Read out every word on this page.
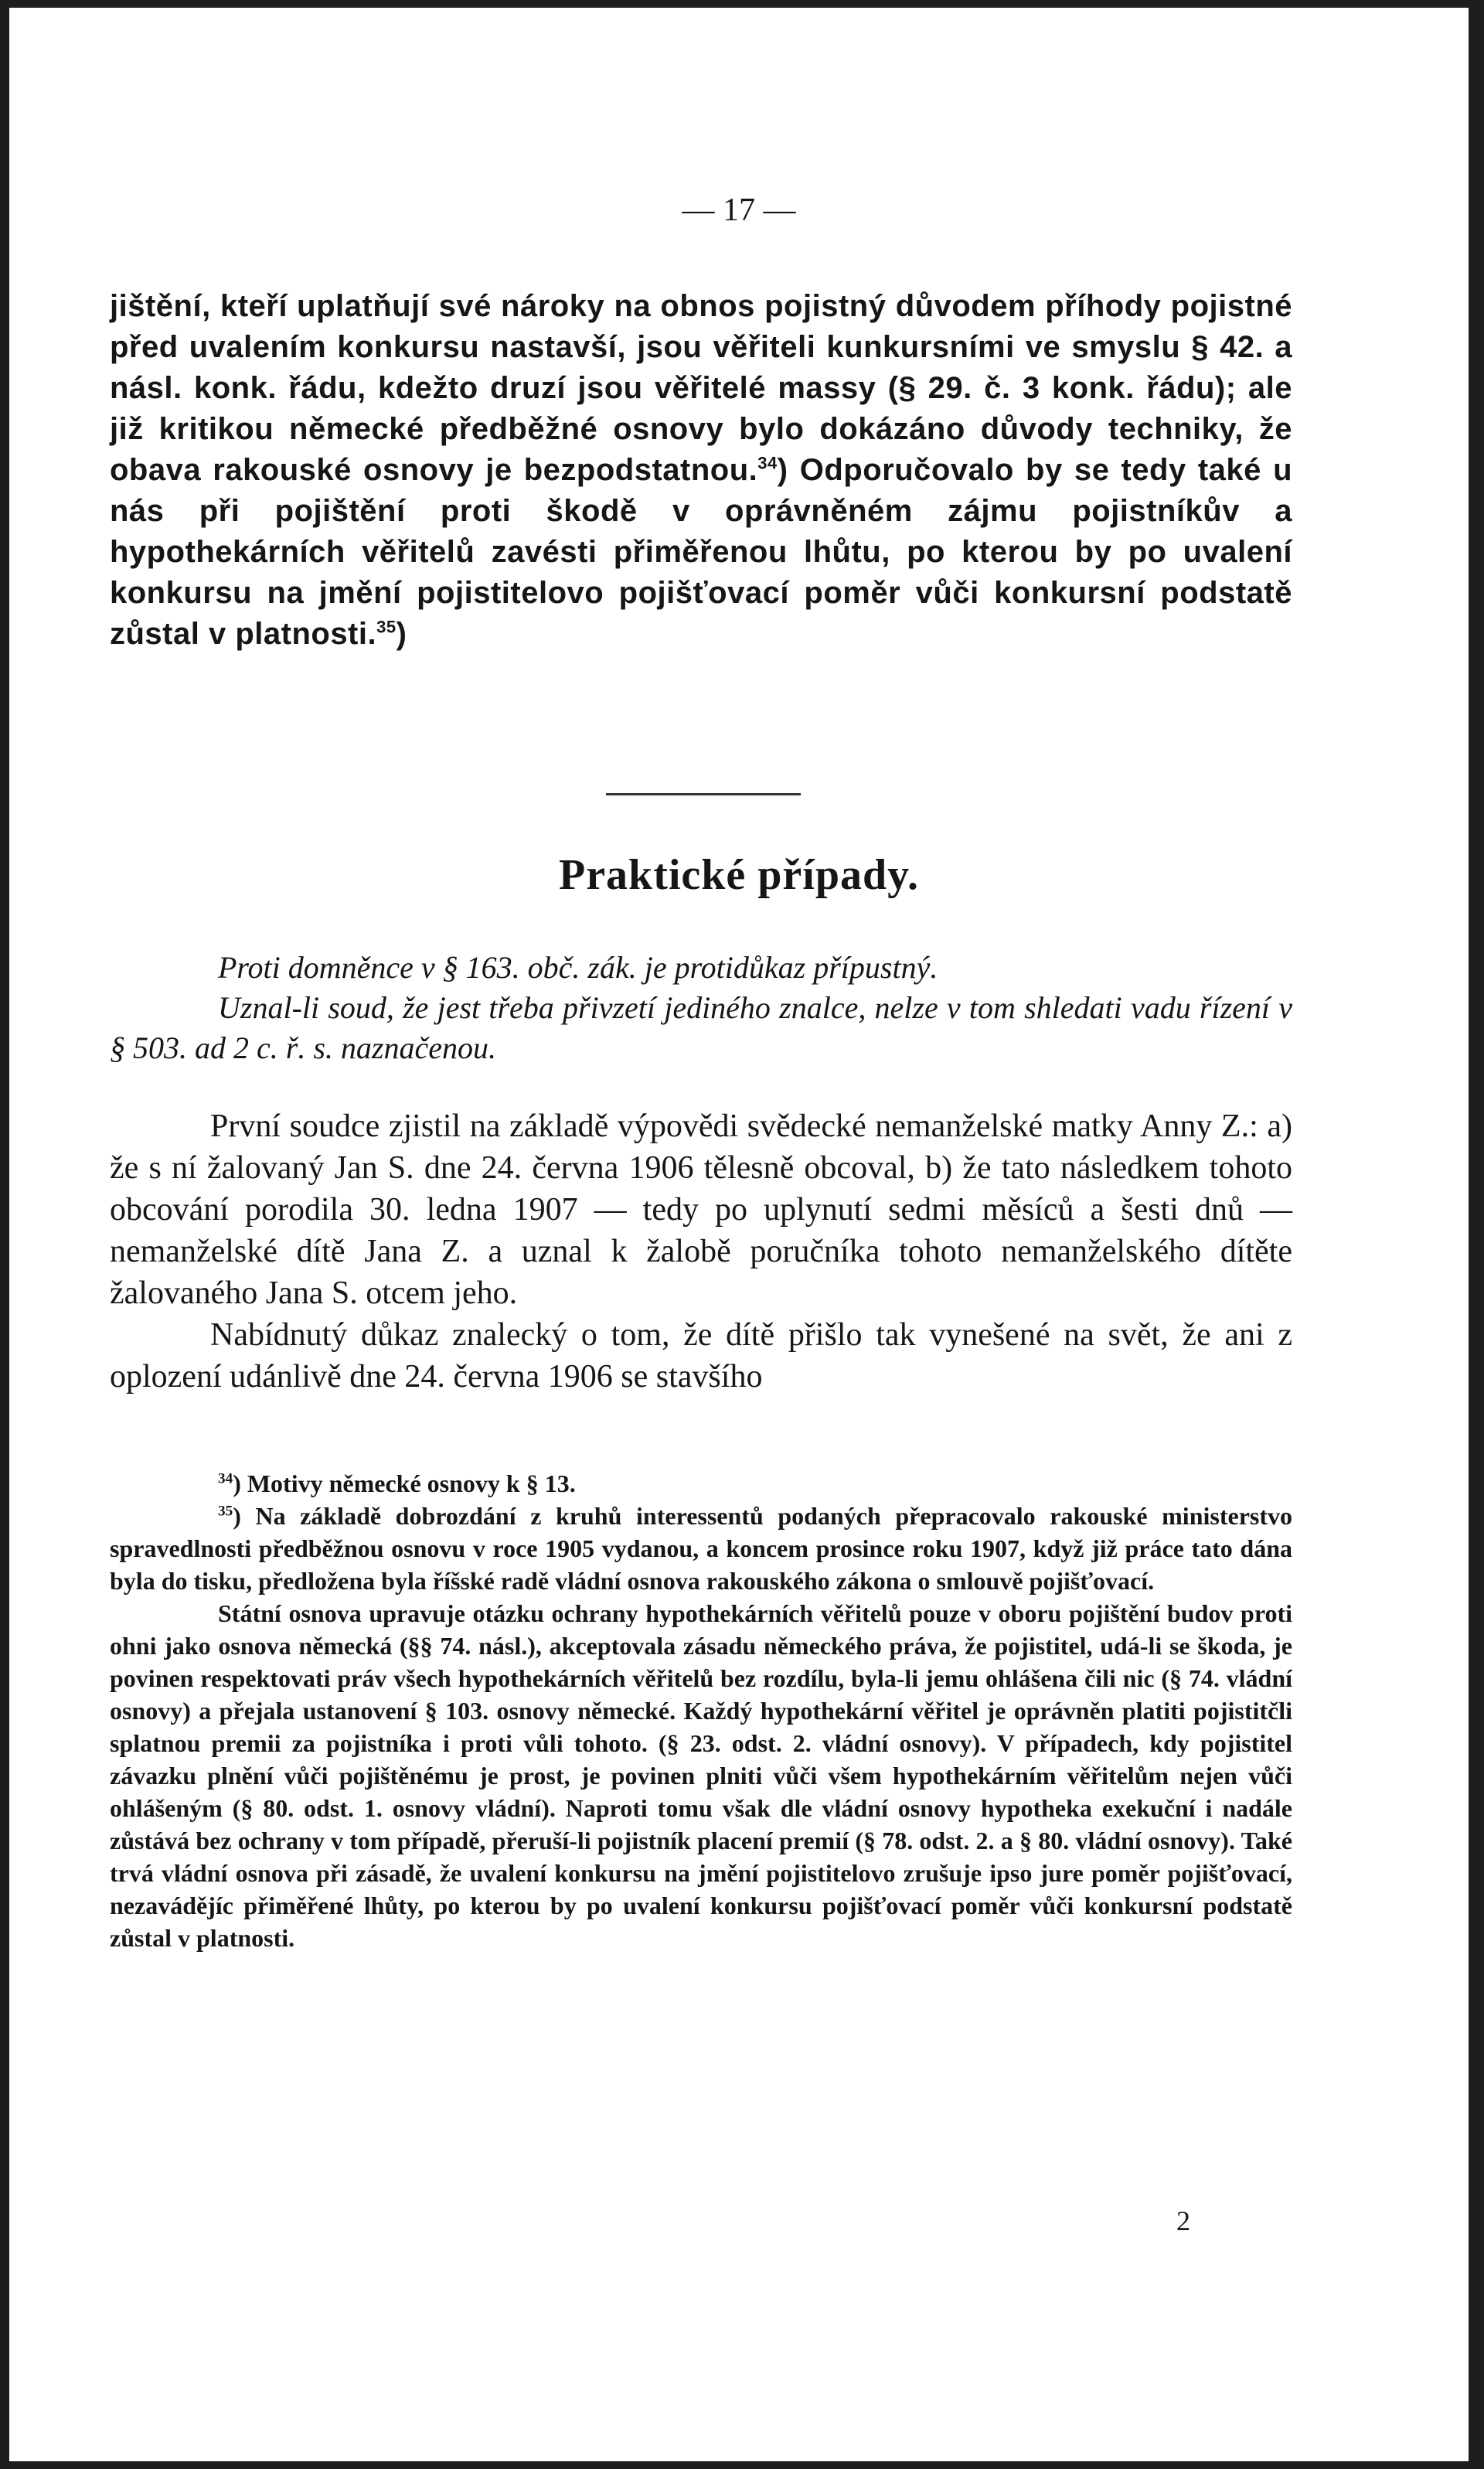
— 17 —

jištění, kteří uplatňují své nároky na obnos pojistný důvodem příhody pojistné před uvalením konkursu nastavší, jsou věřiteli kunkursními ve smyslu § 42. a násl. konk. řádu, kdežto druzí jsou věřitelé massy (§ 29. č. 3 konk. řádu); ale již kritikou německé předběžné osnovy bylo dokázáno důvody techniky, že obava rakouské osnovy je bezpodstatnou.$^{34}$) Odporučovalo by se tedy také u nás při pojištění proti škodě v oprávněném zájmu pojistníkův a hypothekárních věřitelů zavésti přiměřenou lhůtu, po kterou by po uvalení konkursu na jmění pojistitelovo pojišťovací poměr vůči konkursní podstatě zůstal v platnosti.$^{35}$)

Praktické případy.

Proti domněnce v § 163. obč. zák. je protidůkaz přípustný.

Uznal-li soud, že jest třeba přivzetí jediného znalce, nelze v tom shledati vadu řízení v § 503. ad 2 c. ř. s. naznačenou.

První soudce zjistil na základě výpovědi svědecké nemanželské matky Anny Z.: a) že s ní žalovaný Jan S. dne 24. června 1906 tělesně obcoval, b) že tato následkem tohoto obcování porodila 30. ledna 1907 — tedy po uplynutí sedmi měsíců a šesti dnů — nemanželské dítě Jana Z. a uznal k žalobě poručníka tohoto nemanželského dítěte žalovaného Jana S. otcem jeho.

Nabídnutý důkaz znalecký o tom, že dítě přišlo tak vynešené na svět, že ani z oplození udánlivě dne 24. června 1906 se stavšího

$^{34}$) Motivy německé osnovy k § 13.

$^{35}$) Na základě dobrozdání z kruhů interessentů podaných přepracovalo rakouské ministerstvo spravedlnosti předběžnou osnovu v roce 1905 vydanou, a koncem prosince roku 1907, když již práce tato dána byla do tisku, předložena byla říšské radě vládní osnova rakouského zákona o smlouvě pojišťovací.

Státní osnova upravuje otázku ochrany hypothekárních věřitelů pouze v oboru pojištění budov proti ohni jako osnova německá (§§ 74. násl.), akceptovala zásadu německého práva, že pojistitel, udá-li se škoda, je povinen respektovati práv všech hypothekárních věřitelů bez rozdílu, byla-li jemu ohlášena čili nic (§ 74. vládní osnovy) a přejala ustanovení § 103. osnovy německé. Každý hypothekární věřitel je oprávněn platiti pojistitčli splatnou premii za pojistníka i proti vůli tohoto. (§ 23. odst. 2. vládní osnovy). V případech, kdy pojistitel závazku plnění vůči pojištěnému je prost, je povinen plniti vůči všem hypothekárním věřitelům nejen vůči ohlášeným (§ 80. odst. 1. osnovy vládní). Naproti tomu však dle vládní osnovy hypotheka exekuční i nadále zůstává bez ochrany v tom případě, přeruší-li pojistník placení premií (§ 78. odst. 2. a § 80. vládní osnovy). Také trvá vládní osnova při zásadě, že uvalení konkursu na jmění pojistitelovo zrušuje ipso jure poměr pojišťovací, nezavádějíc přiměřené lhůty, po kterou by po uvalení konkursu pojišťovací poměr vůči konkursní podstatě zůstal v platnosti.

2
